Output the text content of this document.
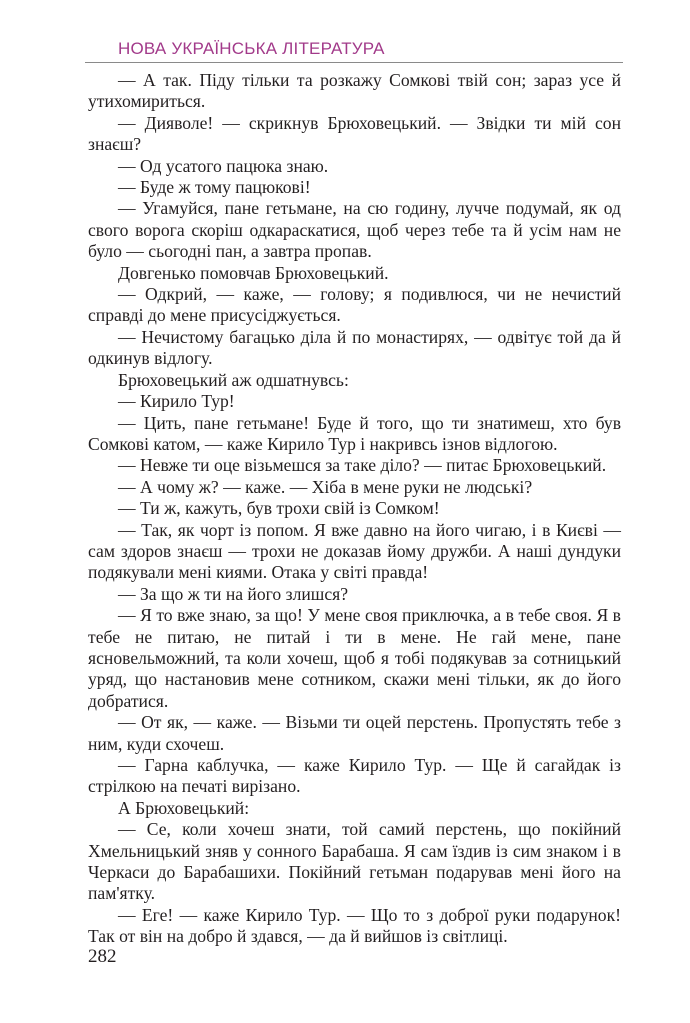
НОВА УКРАЇНСЬКА ЛІТЕРАТУРА

— А так. Піду тільки та розкажу Сомкові твій сон; зараз усе й утихомириться.

— Дияволе! — скрикнув Брюховецький. — Звідки ти мій сон знаєш?

— Од усатого пацюка знаю.

— Буде ж тому пацюкові!

— Угамуйся, пане гетьмане, на сю годину, лучче подумай, як од свого ворога скоріш одкараскатися, щоб через тебе та й усім нам не було — сьогодні пан, а завтра пропав.

Довгенько помовчав Брюховецький.

— Одкрий, — каже, — голову; я подивлюся, чи не нечистий справді до мене присусіджується.

— Нечистому багацько діла й по монастирях, — одвітує той да й одкинув відлогу.

Брюховецький аж одшатнувсь:

— Кирило Тур!

— Цить, пане гетьмане! Буде й того, що ти знатимеш, хто був Сомкові катом, — каже Кирило Тур і накривсь ізнов відлогою.

— Невже ти оце візьмешся за таке діло? — питає Брюховецький.

— А чому ж? — каже. — Хіба в мене руки не людські?

— Ти ж, кажуть, був трохи свій із Сомком!

— Так, як чорт із попом. Я вже давно на його чигаю, і в Києві — сам здоров знаєш — трохи не доказав йому дружби. А наші дундуки подякували мені киями. Отака у світі правда!

— За що ж ти на його злишся?

— Я то вже знаю, за що! У мене своя приключка, а в тебе своя. Я в тебе не питаю, не питай і ти в мене. Не гай мене, пане ясновельможний, та коли хочеш, щоб я тобі подякував за сотницький уряд, що настановив мене сотником, скажи мені тільки, як до його добратися.

— От як, — каже. — Візьми ти оцей перстень. Пропустять тебе з ним, куди схочеш.

— Гарна каблучка, — каже Кирило Тур. — Ще й сагайдак із стрілкою на печаті вирізано.

А Брюховецький:

— Се, коли хочеш знати, той самий перстень, що покійний Хмельницький зняв у сонного Барабаша. Я сам їздив із сим знаком і в Черкаси до Барабашихи. Покійний гетьман подарував мені його на пам'ятку.

— Еге! — каже Кирило Тур. — Що то з доброї руки подарунок! Так от він на добро й здався, — да й вийшов із світлиці.

282
